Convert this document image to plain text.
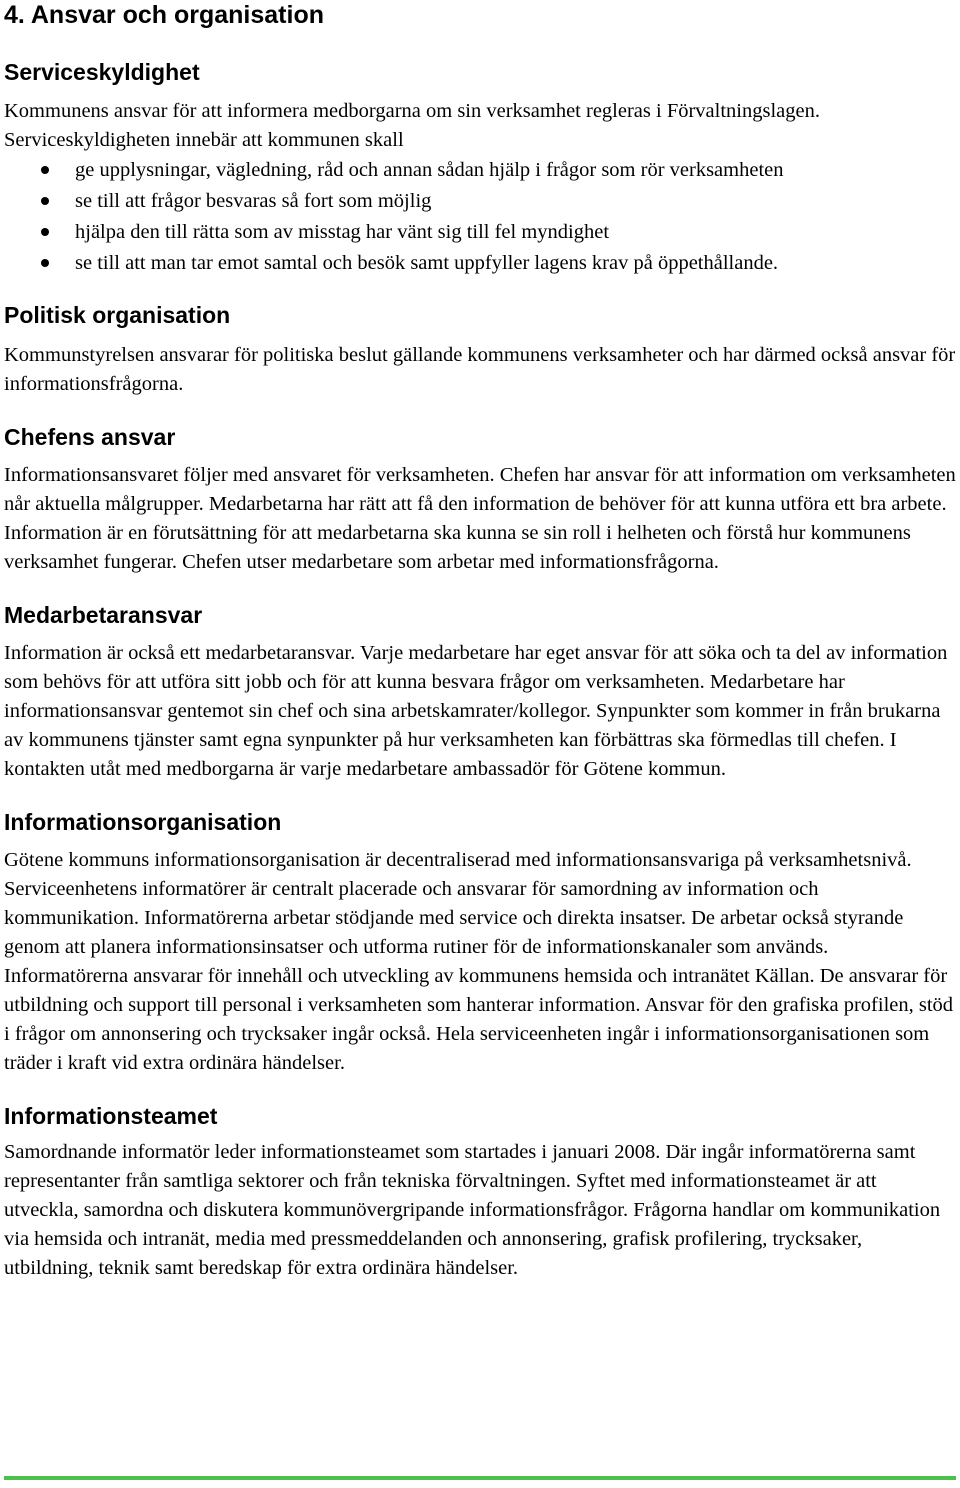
4. Ansvar och organisation
Serviceskyldighet

Kommunens ansvar för att informera medborgarna om sin verksamhet regleras i Förvaltningslagen. Serviceskyldigheten innebär att kommunen skall

ge upplysningar, vägledning, råd och annan sådan hjälp i frågor som rör verksamheten
se till att frågor besvaras så fort som möjlig
hjälpa den till rätta som av misstag har vänt sig till fel myndighet
se till att man tar emot samtal och besök samt uppfyller lagens krav på öppethållande.
Politisk organisation

Kommunstyrelsen ansvarar för politiska beslut gällande kommunens verksamheter och har därmed också ansvar för informationsfrågorna.

Chefens ansvar

Informationsansvaret följer med ansvaret för verksamheten. Chefen har ansvar för att information om verksamheten når aktuella målgrupper. Medarbetarna har rätt att få den information de behöver för att kunna utföra ett bra arbete. Information är en förutsättning för att medarbetarna ska kunna se sin roll i helheten och förstå hur kommunens verksamhet fungerar. Chefen utser medarbetare som arbetar med informationsfrågorna.

Medarbetaransvar

Information är också ett medarbetaransvar. Varje medarbetare har eget ansvar för att söka och ta del av information som behövs för att utföra sitt jobb och för att kunna besvara frågor om verksamheten. Medarbetare har informationsansvar gentemot sin chef och sina arbetskamrater/kollegor. Synpunkter som kommer in från brukarna av kommunens tjänster samt egna synpunkter på hur verksamheten kan förbättras ska förmedlas till chefen. I kontakten utåt med medborgarna är varje medarbetare ambassadör för Götene kommun.

Informationsorganisation

Götene kommuns informationsorganisation är decentraliserad med informationsansvariga på verksamhetsnivå. Serviceenhetens informatörer är centralt placerade och ansvarar för samordning av information och kommunikation. Informatörerna arbetar stödjande med service och direkta insatser. De arbetar också styrande genom att planera informationsinsatser och utforma rutiner för de informationskanaler som används. Informatörerna ansvarar för innehåll och utveckling av kommunens hemsida och intranätet Källan. De ansvarar för utbildning och support till personal i verksamheten som hanterar information. Ansvar för den grafiska profilen, stöd i frågor om annonsering och trycksaker ingår också. Hela serviceenheten ingår i informationsorganisationen som träder i kraft vid extra ordinära händelser.

Informationsteamet

Samordnande informatör leder informationsteamet som startades i januari 2008. Där ingår informatörerna samt representanter från samtliga sektorer och från tekniska förvaltningen. Syftet med informationsteamet är att utveckla, samordna och diskutera kommunövergripande informationsfrågor. Frågorna handlar om kommunikation via hemsida och intranät, media med pressmeddelanden och annonsering, grafisk profilering, trycksaker, utbildning, teknik samt beredskap för extra ordinära händelser.
